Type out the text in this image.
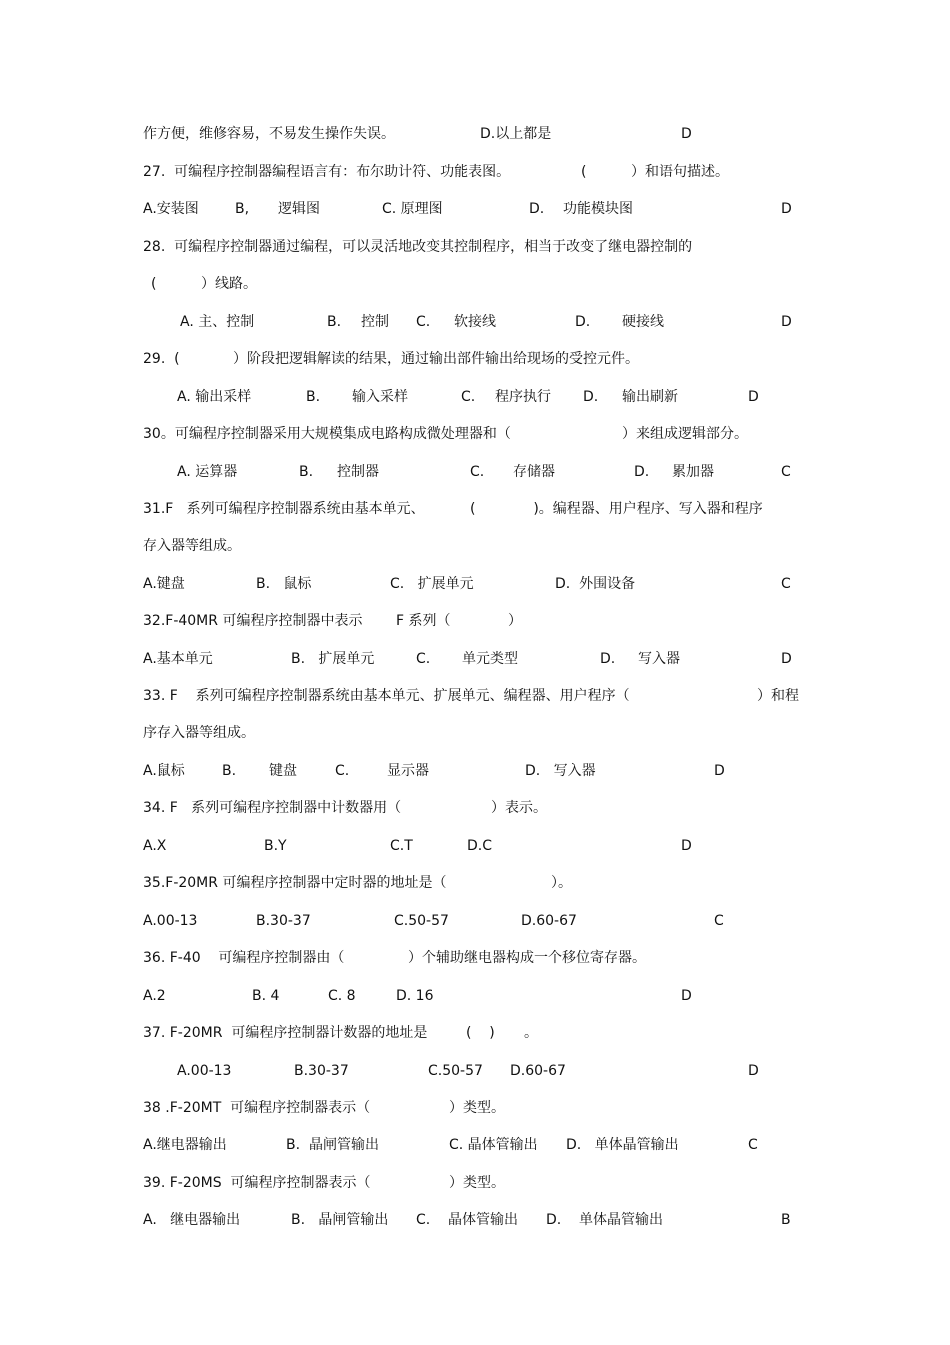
作方便，维修容易，不易发生操作失误。	D.以上都是	D
27.  可编程序控制器编程语言有：布尔助计符、功能表图。	(          ）和语句描述。
A.安装图	B, 逻辑图	C. 原理图	D. 功能模块图	D
28.  可编程序控制器通过编程，可以灵活地改变其控制程序，相当于改变了继电器控制的
(          ）线路。
A. 主、控制	B. 控制 C. 软接线	D. 硬接线	D
29.  (            ）阶段把逻辑解读的结果，通过输出部件输出给现场的受控元件。
A. 输出采样	B. 输入采样	C. 程序执行 D. 输出刷新	D
30。可编程序控制器采用大规模集成电路构成微处理器和（	）来组成逻辑部分。
A. 运算器	B. 控制器	C. 存储器	D. 累加器	C
31.F   系列可编程序控制器系统由基本单元、	(             )。编程器、用户程序、写入器和程序
存入器等组成。
A.键盘	B.   鼠标	C.   扩展单元	D.  外围设备	C
32.F-40MR 可编程序控制器中表示 F 系列（	）
A.基本单元	B.   扩展单元	C. 单元类型	D. 写入器	D
33. F    系列可编程序控制器系统由基本单元、扩展单元、编程器、用户程序（	）和程
序存入器等组成。
A.鼠标	B. 键盘	C.	显示器	D.   写入器	D
34. F   系列可编程序控制器中计数器用（	）表示。
A.X	B.Y	C.T	D.C	D
35.F-20MR 可编程序控制器中定时器的地址是（	）。
A.00-13	B.30-37	C.50-57	D.60-67	C
36. F-40    可编程序控制器由（	）个辅助继电器构成一个移位寄存器。
A.2	B. 4	C. 8	D. 16	D
37. F-20MR  可编程序控制器计数器的地址是	(    ) 。
A.00-13	B.30-37	C.50-57 D.60-67	D
38 .F-20MT  可编程序控制器表示（	）类型。
A.继电器输出	B.  晶闸管输出	C. 晶体管输出 D.   单体晶管输出	C
39. F-20MS  可编程序控制器表示（	）类型。
A.   继电器输出	B.   晶闸管输出 C.    晶体管输出 D.    单体晶管输出	B
